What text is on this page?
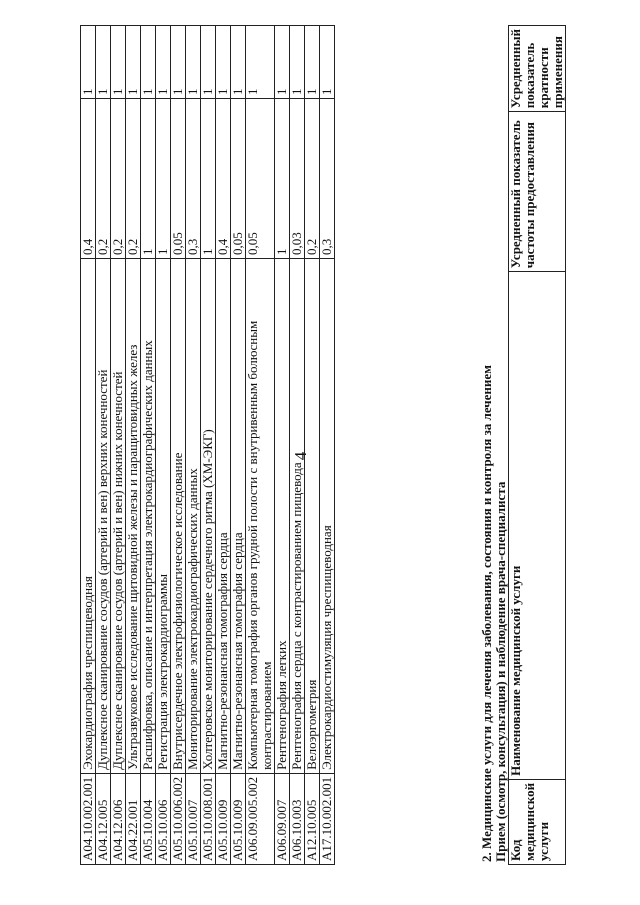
4
A04.10.002.001	Эхокардиография чреспищеводная	0,4	1
A04.12.005	Дуплексное сканирование сосудов (артерий и вен) верхних конечностей	0,2	1
A04.12.006	Дуплексное сканирование сосудов (артерий и вен) нижних конечностей	0,2	1
A04.22.001	Ультразвуковое исследование щитовидной железы и паращитовидных желез	0,2	1
A05.10.004	Расшифровка, описание и интерпретация электрокардиографических данных	1	1
A05.10.006	Регистрация электрокардиограммы	1	1
A05.10.006.002	Внутрисердечное электрофизиологическое исследование	0,05	1
A05.10.007	Мониторирование электрокардиографических данных	0,3	1
A05.10.008.001	Холтеровское мониторирование сердечного ритма (ХМ-ЭКГ)	1	1
A05.10.009	Магнитно-резонансная томография сердца	0,4	1
A05.10.009	Магнитно-резонансная томография сердца	0,05	1
A06.09.005.002	Компьютерная томография органов грудной полости с внутривенным болюсным контрастированием	0,05	1
A06.09.007	Рентгенография легких	1	1
A06.10.003	Рентгенография сердца с контрастированием пищевода	0,03	1
A12.10.005	Велоэргометрия	0,2	1
A17.10.002.001	Электрокардиостимуляция чреспищеводная	0,3	1
2. Медицинские услуги для лечения заболевания, состояния и контроля за лечением Прием (осмотр, консультация) и наблюдение врача-специалиста Код медицинской услуги	Наименование медицинской услуги	Усредненный показатель частоты предоставления	Усредненный показатель кратности применения
